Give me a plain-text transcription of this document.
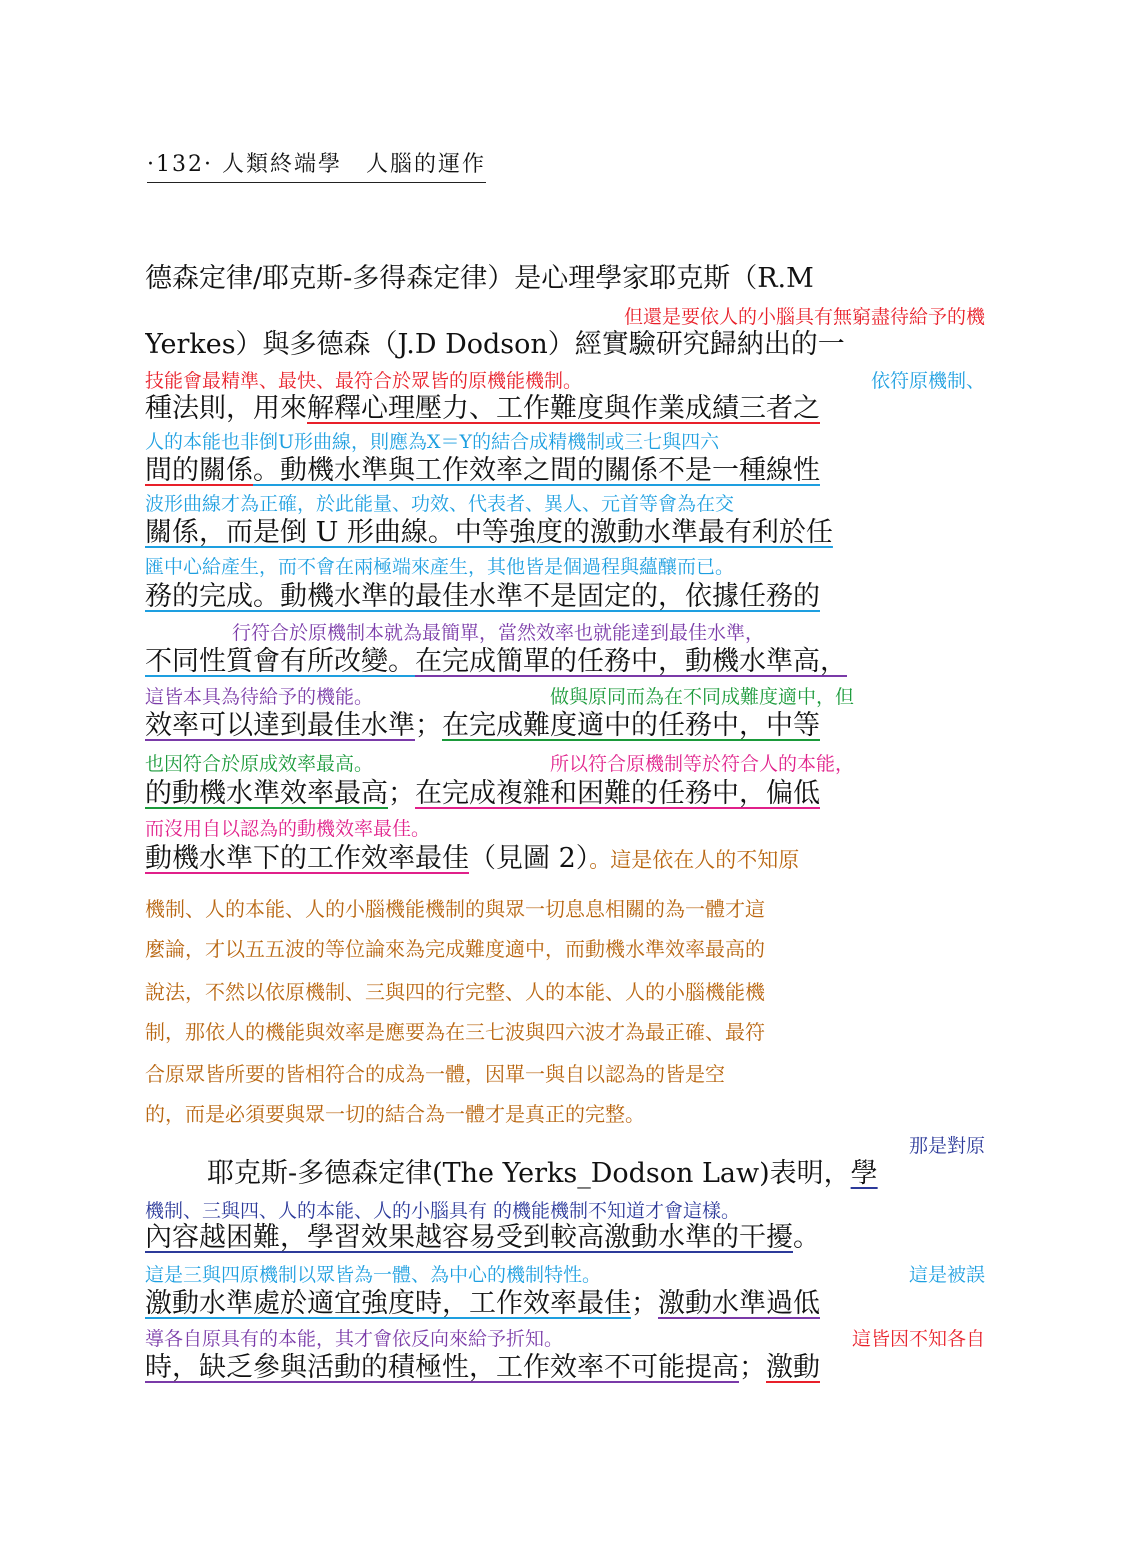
·132· 人類終端學　人腦的運作
德森定律/耶克斯-多得森定律）是心理學家耶克斯（R.M
但還是要依人的小腦具有無窮盡待給予的機
Yerkes）與多德森（J.D Dodson）經實驗研究歸納出的一
技能會最精準、最快、最符合於眾皆的原機能機制。	依符原機制、
種法則，用來解釋心理壓力、工作難度與作業成績三者之
人的本能也非倒U形曲線，則應為X＝Y的結合成精機制或三七與四六
間的關係。動機水準與工作效率之間的關係不是一種線性
波形曲線才為正確，於此能量、功效、代表者、異人、元首等會為在交
關係，而是倒 U 形曲線。中等強度的激動水準最有利於任
匯中心給產生，而不會在兩極端來產生，其他皆是個過程與蘊釀而已。
務的完成。動機水準的最佳水準不是固定的，依據任務的
行符合於原機制本就為最簡單，當然效率也就能達到最佳水準，
不同性質會有所改變。在完成簡單的任務中，動機水準高，
這皆本具為待給予的機能。	做與原同而為在不同成難度適中，但
效率可以達到最佳水準；在完成難度適中的任務中，中等
也因符合於原成效率最高。	所以符合原機制等於符合人的本能，
的動機水準效率最高；在完成複雜和困難的任務中，偏低
而沒用自以認為的動機效率最佳。
動機水準下的工作效率最佳（見圖 2）。這是依在人的不知原
機制、人的本能、人的小腦機能機制的與眾一切息息相關的為一體才這
麼論，才以五五波的等位論來為完成難度適中，而動機水準效率最高的
說法，不然以依原機制、三與四的行完整、人的本能、人的小腦機能機
制，那依人的機能與效率是應要為在三七波與四六波才為最正確、最符
合原眾皆所要的皆相符合的成為一體，因單一與自以認為的皆是空
的，而是必須要與眾一切的結合為一體才是真正的完整。
那是對原
耶克斯-多德森定律(The Yerks_Dodson Law)表明，學
機制、三與四、人的本能、人的小腦具有 的機能機制不知道才會這樣。
內容越困難，學習效果越容易受到較高激動水準的干擾。
這是三與四原機制以眾皆為一體、為中心的機制特性。	這是被誤
激動水準處於適宜強度時，工作效率最佳；激動水準過低
導各自原具有的本能，其才會依反向來給予折知。	這皆因不知各自
時，缺乏參與活動的積極性，工作效率不可能提高；激動
